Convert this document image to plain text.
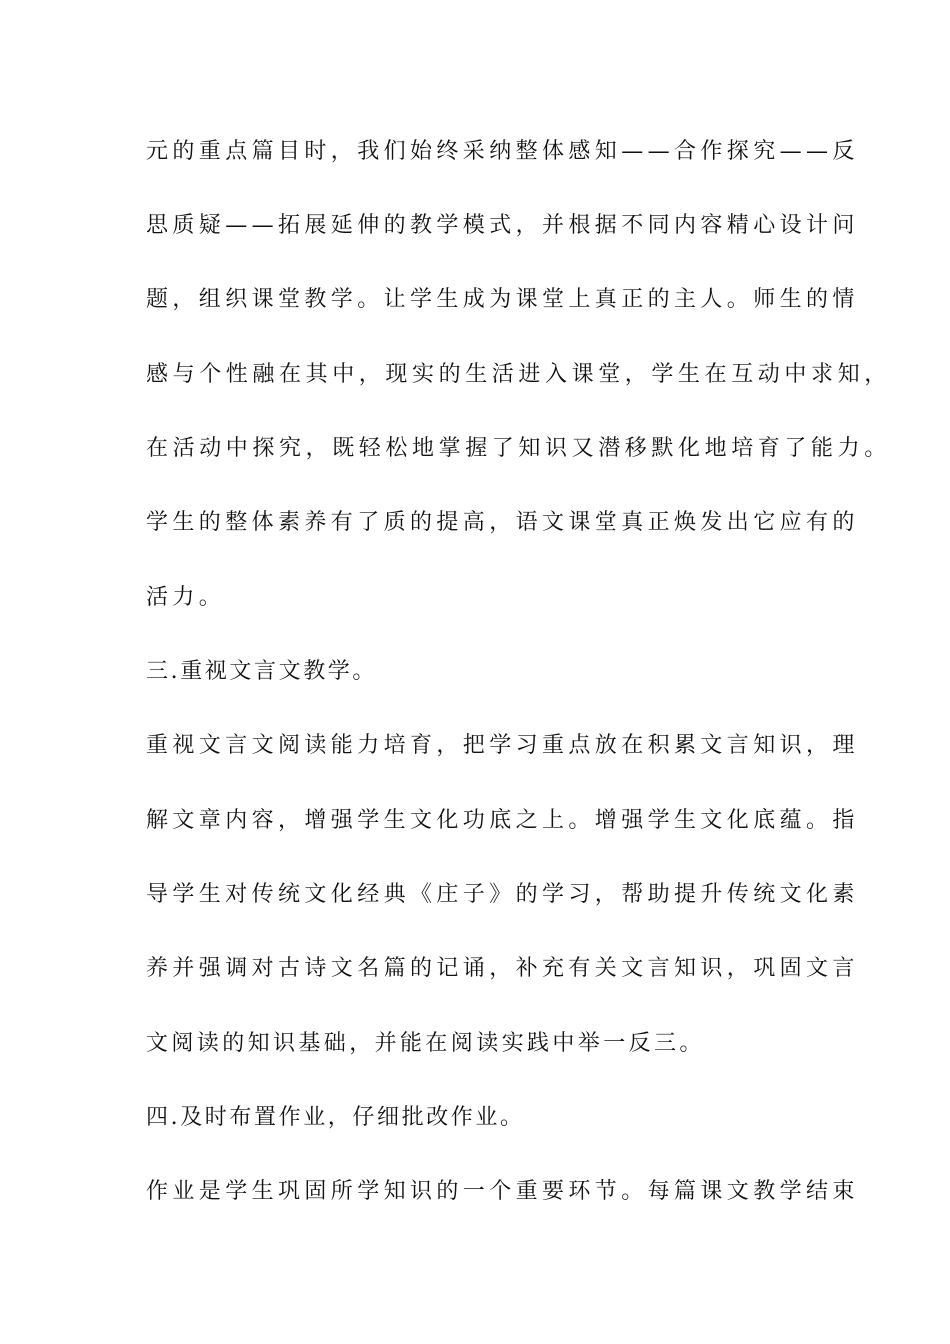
元的重点篇目时，我们始终采纳整体感知——合作探究——反

思质疑——拓展延伸的教学模式，并根据不同内容精心设计问

题，组织课堂教学。让学生成为课堂上真正的主人。师生的情

感与个性融在其中，现实的生活进入课堂，学生在互动中求知，

在活动中探究，既轻松地掌握了知识又潜移默化地培育了能力。

学生的整体素养有了质的提高，语文课堂真正焕发出它应有的

活力。

三.重视文言文教学。

重视文言文阅读能力培育，把学习重点放在积累文言知识，理

解文章内容，增强学生文化功底之上。增强学生文化底蕴。指

导学生对传统文化经典《庄子》的学习，帮助提升传统文化素

养并强调对古诗文名篇的记诵，补充有关文言知识，巩固文言

文阅读的知识基础，并能在阅读实践中举一反三。

四.及时布置作业，仔细批改作业。

作业是学生巩固所学知识的一个重要环节。每篇课文教学结束
